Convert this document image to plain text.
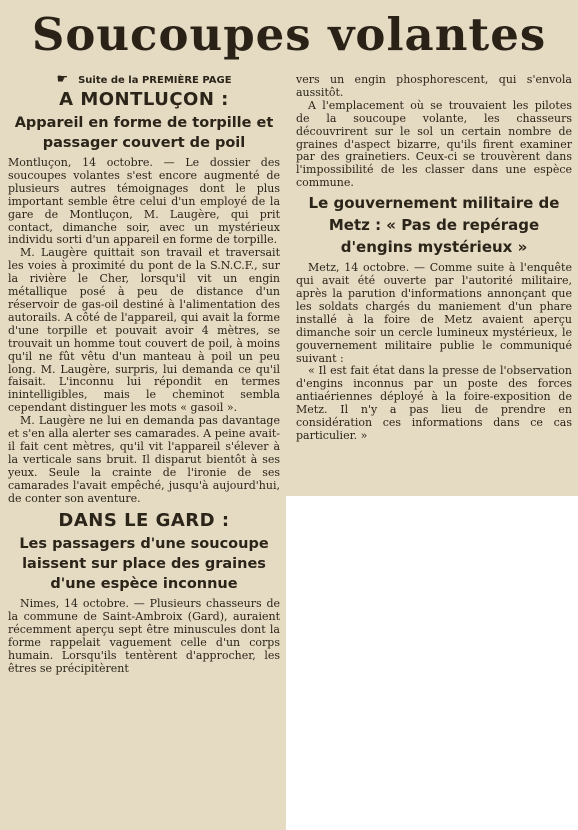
Soucoupes volantes
☛ Suite de la PREMIÈRE PAGE
A MONTLUÇON :
Appareil en forme de torpille et passager couvert de poil

Montluçon, 14 octobre. — Le dossier des soucoupes volantes s'est encore augmenté de plusieurs autres témoignages dont le plus important semble être celui d'un employé de la gare de Montluçon, M. Laugère, qui prit contact, dimanche soir, avec un mystérieux individu sorti d'un appareil en forme de torpille.

M. Laugère quittait son travail et traversait les voies à proximité du pont de la S.N.C.F., sur la rivière le Cher, lorsqu'il vit un engin métallique posé à peu de distance d'un réservoir de gas-oil destiné à l'alimentation des autorails. A côté de l'appareil, qui avait la forme d'une torpille et pouvait avoir 4 mètres, se trouvait un homme tout couvert de poil, à moins qu'il ne fût vêtu d'un manteau à poil un peu long. M. Laugère, surpris, lui demanda ce qu'il faisait. L'inconnu lui répondit en termes inintelligibles, mais le cheminot sembla cependant distinguer les mots « gasoil ».

M. Laugère ne lui en demanda pas davantage et s'en alla alerter ses camarades. A peine avait-il fait cent mètres, qu'il vit l'appareil s'élever à la verticale sans bruit. Il disparut bientôt à ses yeux. Seule la crainte de l'ironie de ses camarades l'avait empêché, jusqu'à aujourd'hui, de conter son aventure.

DANS LE GARD :
Les passagers d'une soucoupe laissent sur place des graines d'une espèce inconnue

Nimes, 14 octobre. — Plusieurs chasseurs de la commune de Saint-Ambroix (Gard), auraient récemment aperçu sept être minuscules dont la forme rappelait vaguement celle d'un corps humain. Lorsqu'ils tentèrent d'approcher, les êtres se précipitèrent

vers un engin phosphorescent, qui s'envola aussitôt.

A l'emplacement où se trouvaient les pilotes de la soucoupe volante, les chasseurs découvrirent sur le sol un certain nombre de graines d'aspect bizarre, qu'ils firent examiner par des grainetiers. Ceux-ci se trouvèrent dans l'impossibilité de les classer dans une espèce commune.

Le gouvernement militaire de Metz : « Pas de repérage d'engins mystérieux »

Metz, 14 octobre. — Comme suite à l'enquête qui avait été ouverte par l'autorité militaire, après la parution d'informations annonçant que les soldats chargés du maniement d'un phare installé à la foire de Metz avaient aperçu dimanche soir un cercle lumineux mystérieux, le gouvernement militaire publie le communiqué suivant :

« Il est fait état dans la presse de l'observation d'engins inconnus par un poste des forces antiaériennes déployé à la foire-exposition de Metz. Il n'y a pas lieu de prendre en considération ces informations dans ce cas particulier. »
